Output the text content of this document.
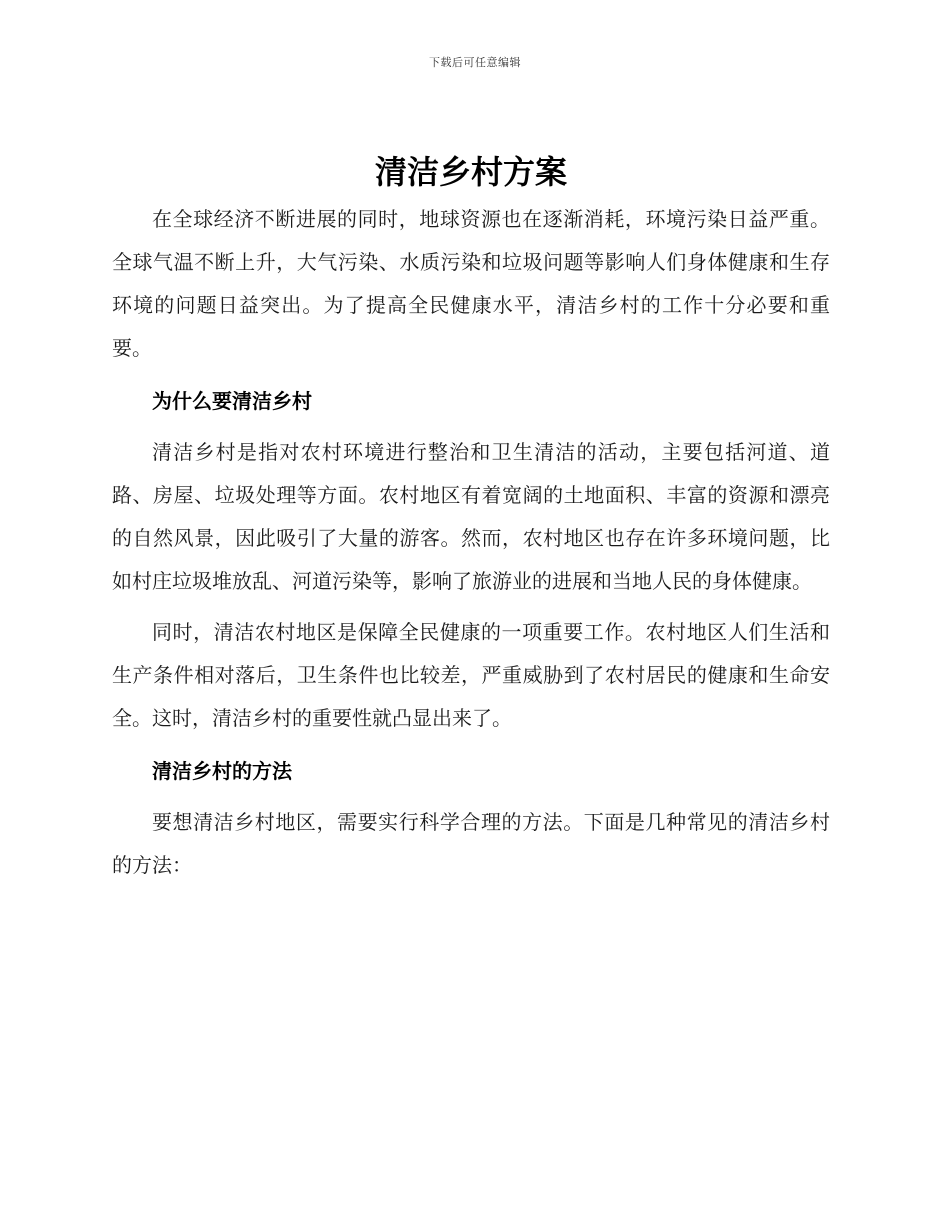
下载后可任意编辑
清洁乡村方案

在全球经济不断进展的同时，地球资源也在逐渐消耗，环境污染日益严重。全球气温不断上升，大气污染、水质污染和垃圾问题等影响人们身体健康和生存环境的问题日益突出。为了提高全民健康水平，清洁乡村的工作十分必要和重要。

为什么要清洁乡村

清洁乡村是指对农村环境进行整治和卫生清洁的活动，主要包括河道、道路、房屋、垃圾处理等方面。农村地区有着宽阔的土地面积、丰富的资源和漂亮的自然风景，因此吸引了大量的游客。然而，农村地区也存在许多环境问题，比如村庄垃圾堆放乱、河道污染等，影响了旅游业的进展和当地人民的身体健康。

同时，清洁农村地区是保障全民健康的一项重要工作。农村地区人们生活和生产条件相对落后，卫生条件也比较差，严重威胁到了农村居民的健康和生命安全。这时，清洁乡村的重要性就凸显出来了。

清洁乡村的方法

要想清洁乡村地区，需要实行科学合理的方法。下面是几种常见的清洁乡村的方法：
